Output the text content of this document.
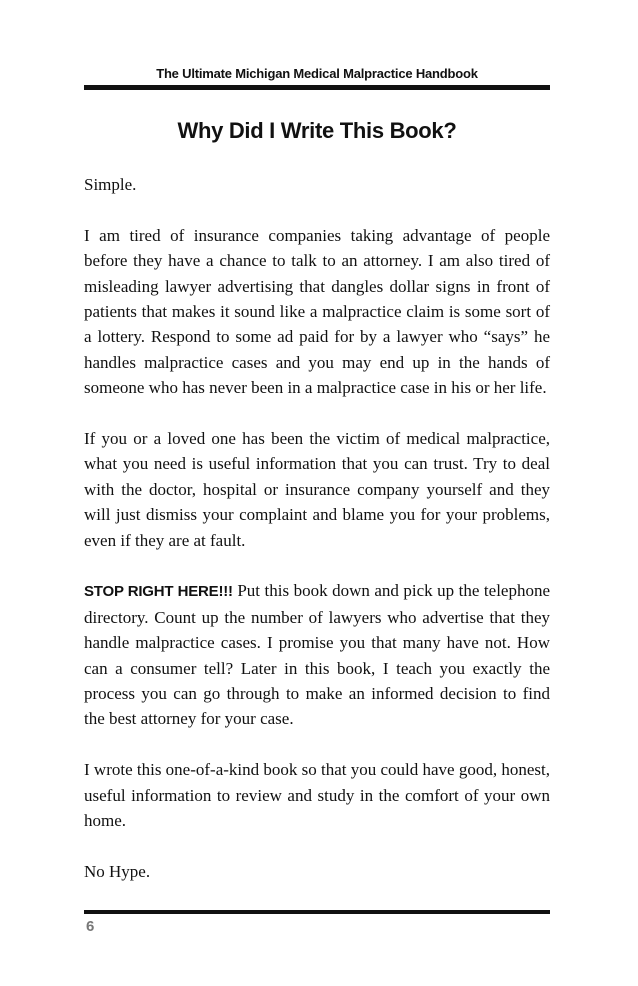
The Ultimate Michigan Medical Malpractice Handbook
Why Did I Write This Book?

Simple.

I am tired of insurance companies taking advantage of people before they have a chance to talk to an attorney. I am also tired of misleading lawyer advertising that dangles dollar signs in front of patients that makes it sound like a malpractice claim is some sort of a lottery. Respond to some ad paid for by a lawyer who “says” he handles malpractice cases and you may end up in the hands of someone who has never been in a malpractice case in his or her life.

If you or a loved one has been the victim of medical malpractice, what you need is useful information that you can trust. Try to deal with the doctor, hospital or insurance company yourself and they will just dismiss your complaint and blame you for your problems, even if they are at fault.

STOP RIGHT HERE!!! Put this book down and pick up the telephone directory. Count up the number of lawyers who advertise that they handle malpractice cases. I promise you that many have not. How can a consumer tell? Later in this book, I teach you exactly the process you can go through to make an informed decision to find the best attorney for your case.

I wrote this one-of-a-kind book so that you could have good, honest, useful information to review and study in the comfort of your own home.

No Hype.

6
